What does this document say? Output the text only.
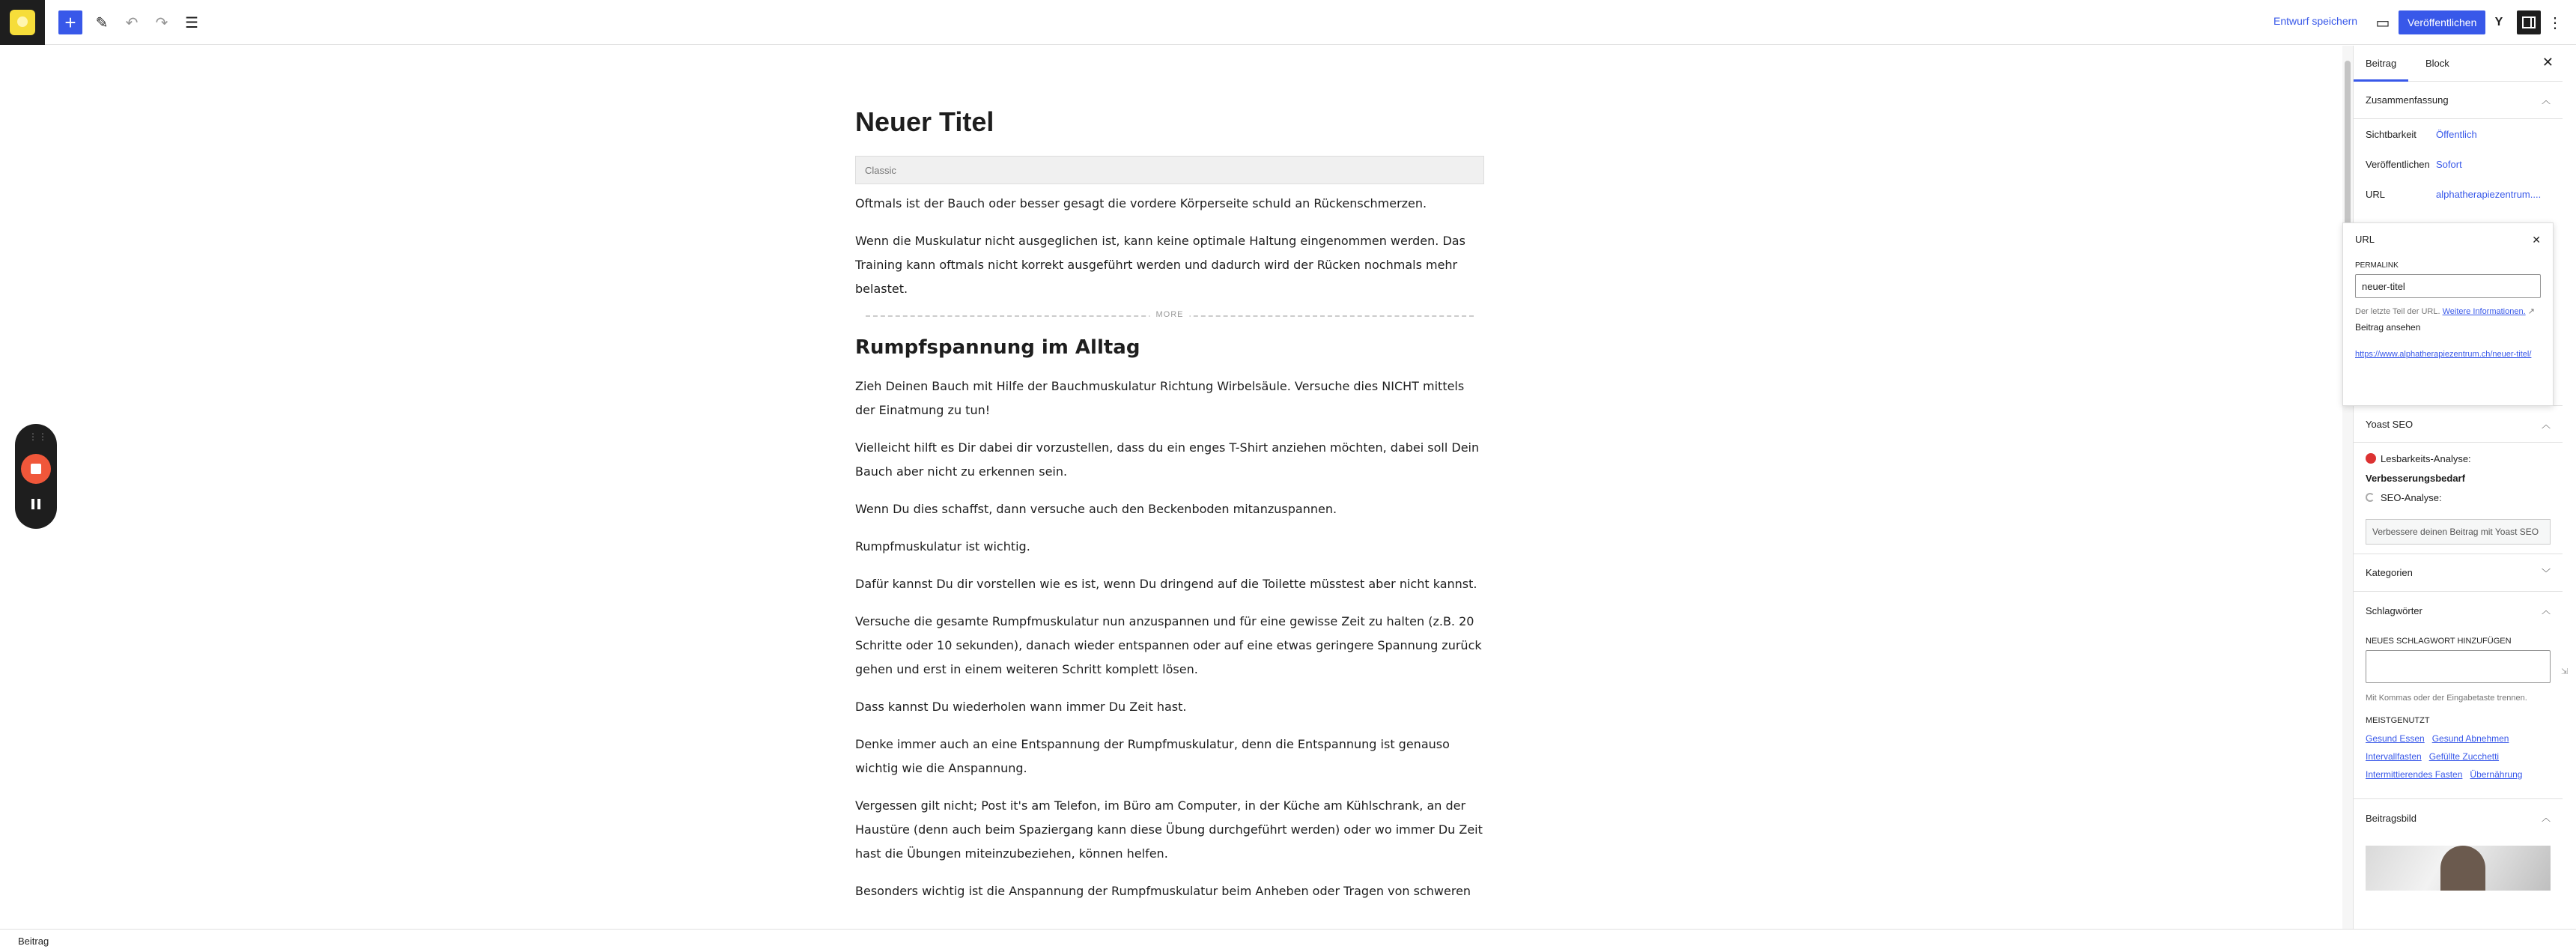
+	✎	↶	↷	☰	Entwurf speichern	▭	Veröffentlichen	Y	⋮
Neuer Titel
Classic

Oftmals ist der Bauch oder besser gesagt die vordere Körperseite schuld an Rückenschmerzen.

Wenn die Muskulatur nicht ausgeglichen ist, kann keine optimale Haltung eingenommen werden. Das Training kann oftmals nicht korrekt ausgeführt werden und dadurch wird der Rücken nochmals mehr belastet.

MORE
Rumpfspannung im Alltag

Zieh Deinen Bauch mit Hilfe der Bauchmuskulatur Richtung Wirbelsäule. Versuche dies NICHT mittels der Einatmung zu tun!

Vielleicht hilft es Dir dabei dir vorzustellen, dass du ein enges T-Shirt anziehen möchten, dabei soll Dein Bauch aber nicht zu erkennen sein.

Wenn Du dies schaffst, dann versuche auch den Beckenboden mitanzuspannen.

Rumpfmuskulatur ist wichtig.

Dafür kannst Du dir vorstellen wie es ist, wenn Du dringend auf die Toilette müsstest aber nicht kannst.

Versuche die gesamte Rumpfmuskulatur nun anzuspannen und für eine gewisse Zeit zu halten (z.B. 20 Schritte oder 10 sekunden), danach wieder entspannen oder auf eine etwas geringere Spannung zurück gehen und erst in einem weiteren Schritt komplett lösen.

Dass kannst Du wiederholen wann immer Du Zeit hast.

Denke immer auch an eine Entspannung der Rumpfmuskulatur, denn die Entspannung ist genauso wichtig wie die Anspannung.

Vergessen gilt nicht; Post it's am Telefon, im Büro am Computer, in der Küche am Kühlschrank, an der Haustüre (denn auch beim Spaziergang kann diese Übung durchgeführt werden) oder wo immer Du Zeit hast die Übungen miteinzubeziehen, können helfen.

Besonders wichtig ist die Anspannung der Rumpfmuskulatur beim Anheben oder Tragen von schweren

⋮⋮
Beitrag	Block	✕
Zusammenfassung	︿
Sichtbarkeit	Öffentlich
Veröffentlichen Sofort
URL	alphatherapiezentrum....
Yoast SEO	︿
Lesbarkeits-Analyse:
Verbesserungsbedarf
SEO-Analyse:
Verbessere deinen Beitrag mit Yoast SEO
Kategorien	﹀
Schlagwörter	︿
NEUES SCHLAGWORT HINZUFÜGEN
Mit Kommas oder der Eingabetaste trennen.
MEISTGENUTZT
Gesund Essen Gesund Abnehmen
Intervallfasten Gefüllte Zucchetti
Intermittierendes Fasten Übernährung
Beitragsbild	︿
URL	✕
PERMALINK
neuer-titel
Der letzte Teil der URL. Weitere Informationen. ↗
Beitrag ansehen
https://www.alphatherapiezentrum.ch/neuer-titel/
⇲
Beitrag
